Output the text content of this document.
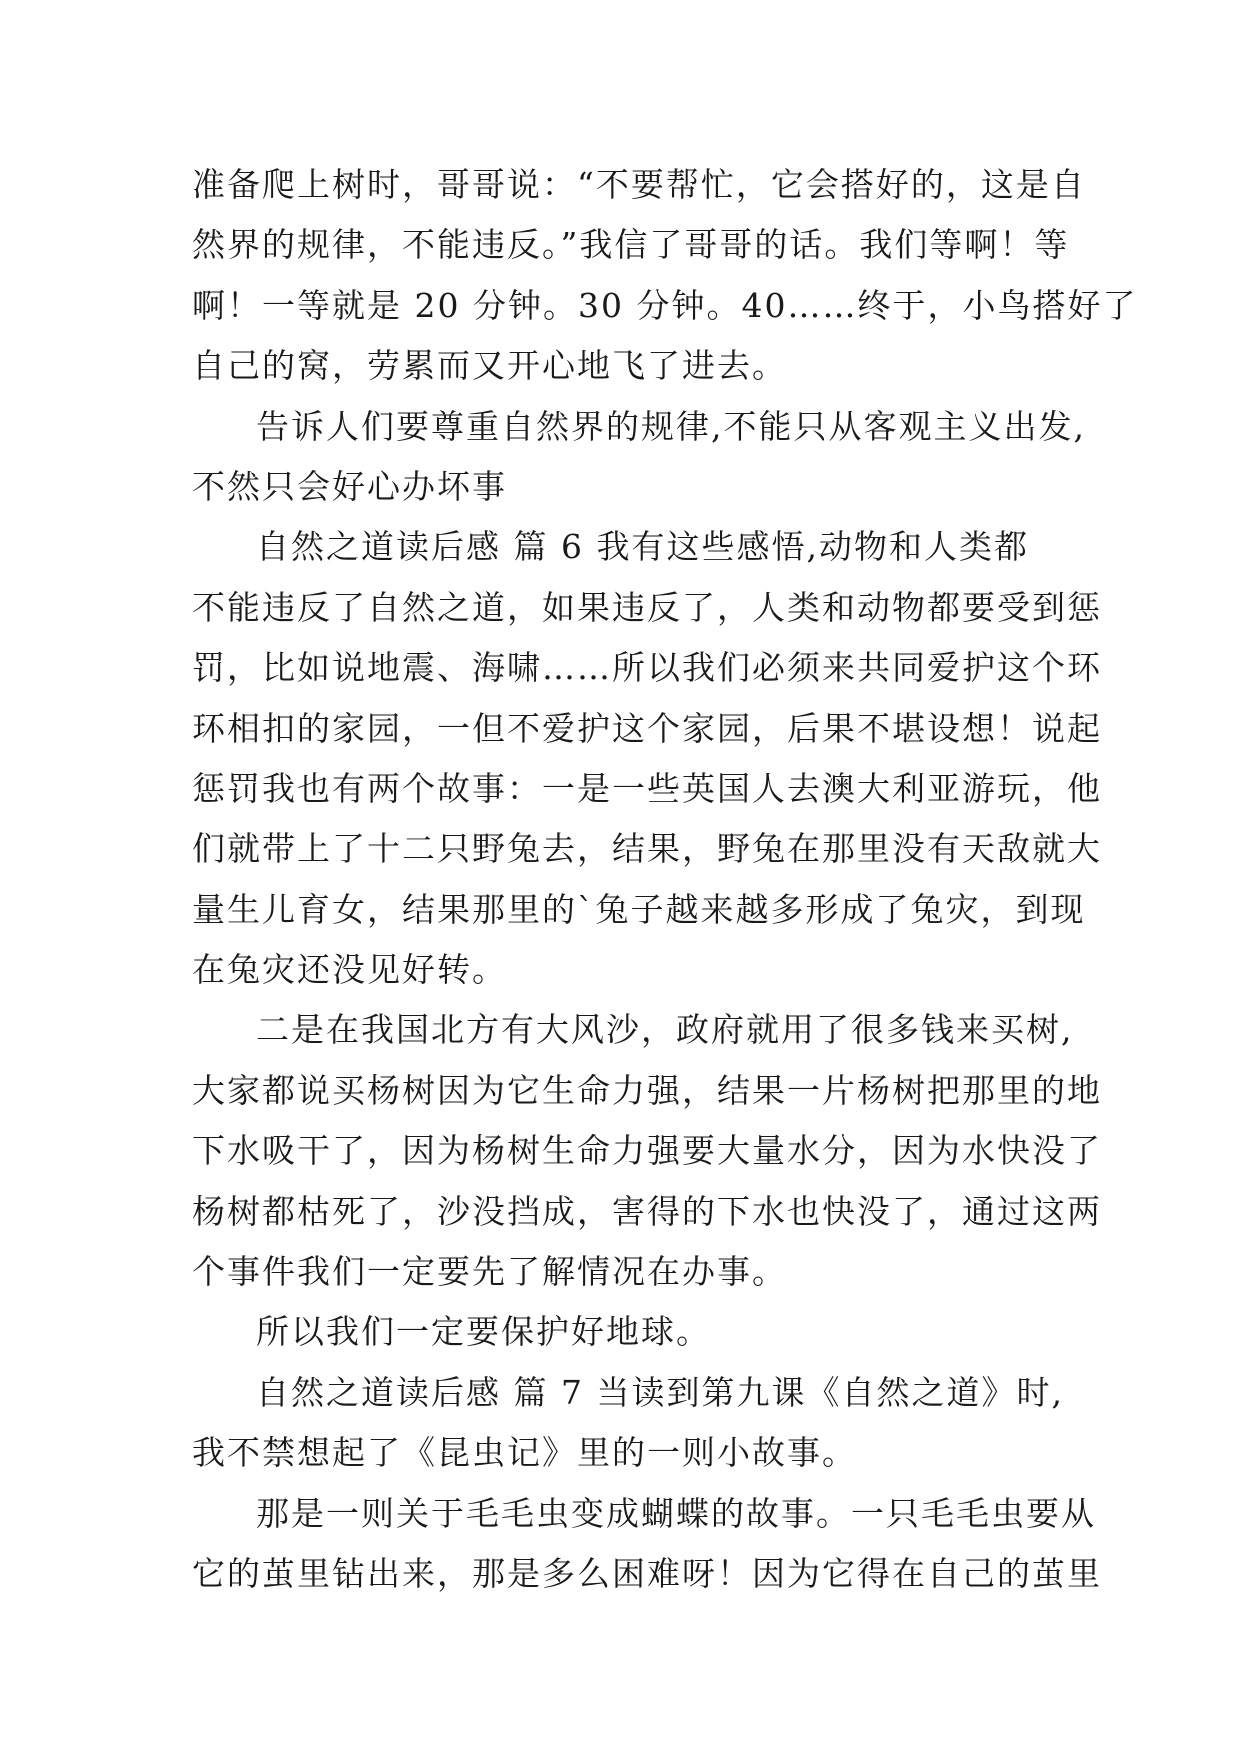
准备爬上树时，哥哥说：“不要帮忙，它会搭好的，这是自
然界的规律，不能违反。”我信了哥哥的话。我们等啊！等
啊！一等就是 20 分钟。30 分钟。40……终于，小鸟搭好了
自己的窝，劳累而又开心地飞了进去。
告诉人们要尊重自然界的规律,不能只从客观主义出发,
不然只会好心办坏事
自然之道读后感 篇 6 我有这些感悟,动物和人类都
不能违反了自然之道，如果违反了，人类和动物都要受到惩
罚，比如说地震、海啸……所以我们必须来共同爱护这个环
环相扣的家园，一但不爱护这个家园，后果不堪设想！说起
惩罚我也有两个故事：一是一些英国人去澳大利亚游玩，他
们就带上了十二只野兔去，结果，野兔在那里没有天敌就大
量生儿育女，结果那里的`兔子越来越多形成了兔灾，到现
在兔灾还没见好转。
二是在我国北方有大风沙，政府就用了很多钱来买树,
大家都说买杨树因为它生命力强，结果一片杨树把那里的地
下水吸干了，因为杨树生命力强要大量水分，因为水快没了
杨树都枯死了，沙没挡成，害得的下水也快没了，通过这两
个事件我们一定要先了解情况在办事。
所以我们一定要保护好地球。
自然之道读后感 篇 7 当读到第九课《自然之道》时,
我不禁想起了《昆虫记》里的一则小故事。
那是一则关于毛毛虫变成蝴蝶的故事。一只毛毛虫要从
它的茧里钻出来，那是多么困难呀！因为它得在自己的茧里
